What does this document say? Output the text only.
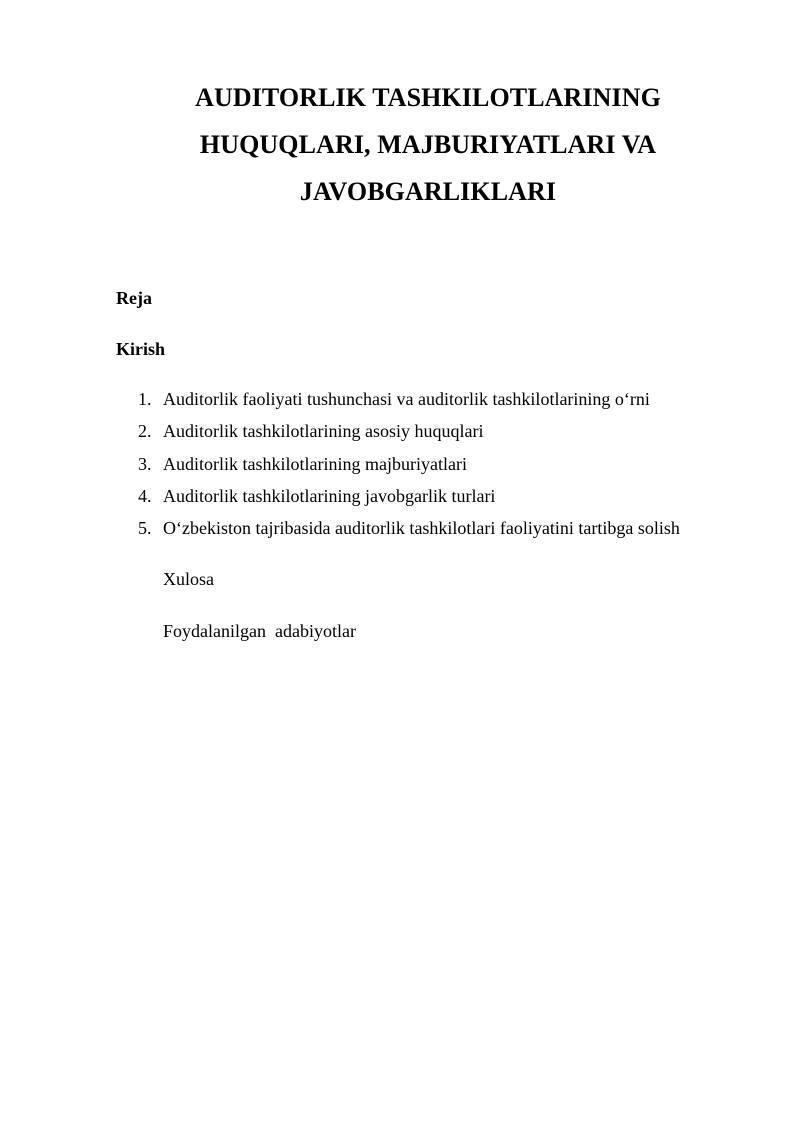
AUDITORLIK TASHKILOTLARINING
HUQUQLARI, MAJBURIYATLARI VA
JAVOBGARLIKLARI
Reja
Kirish
1. Auditorlik faoliyati tushunchasi va auditorlik tashkilotlarining o‘rni
2. Auditorlik tashkilotlarining asosiy huquqlari
3. Auditorlik tashkilotlarining majburiyatlari
4. Auditorlik tashkilotlarining javobgarlik turlari
5. O‘zbekiston tajribasida auditorlik tashkilotlari faoliyatini tartibga solish
Xulosa
Foydalanilgan  adabiyotlar
